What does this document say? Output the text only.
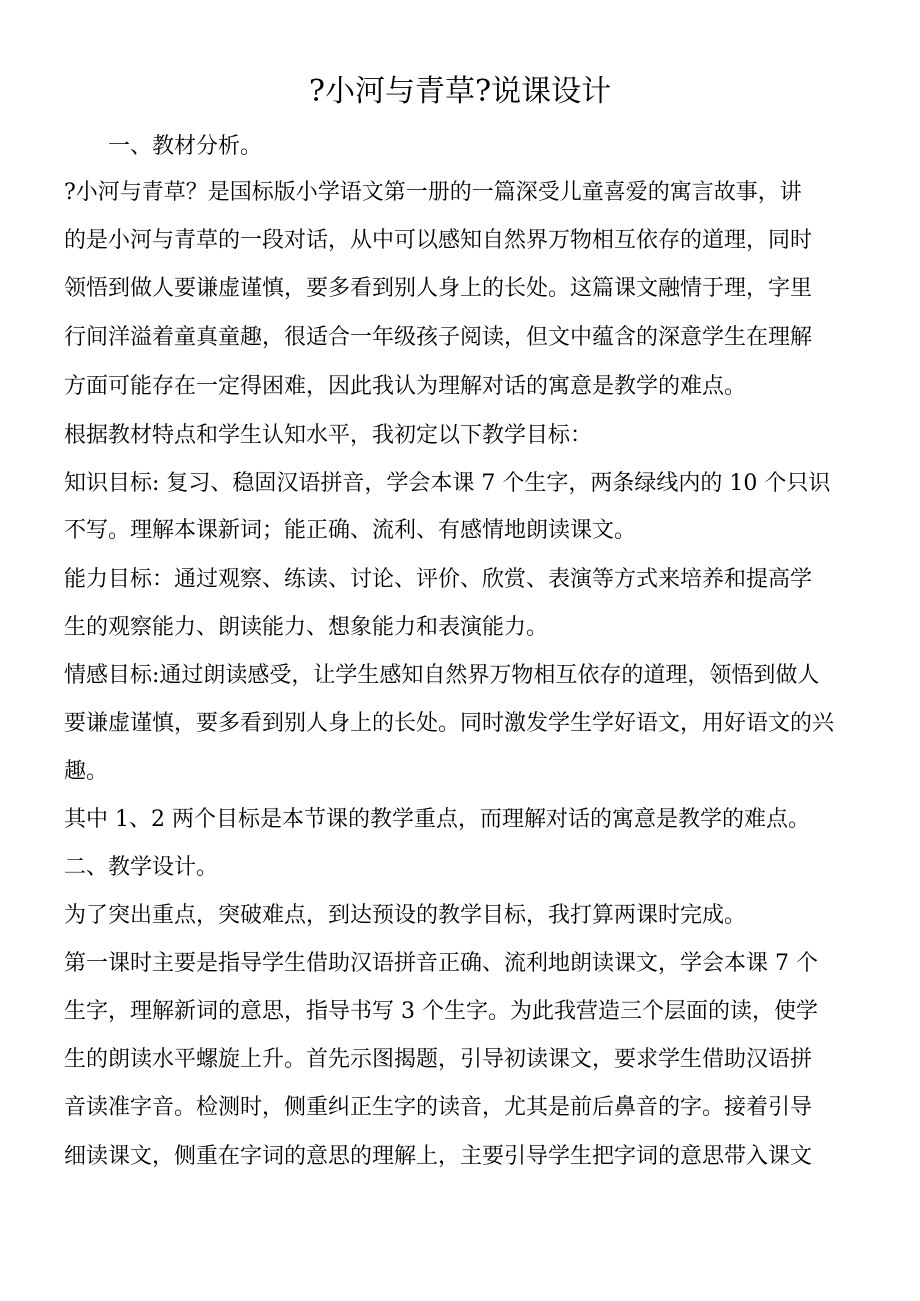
?小河与青草?说课设计
　　一、教材分析。
?小河与青草？是国标版小学语文第一册的一篇深受儿童喜爱的寓言故事，讲
的是小河与青草的一段对话，从中可以感知自然界万物相互依存的道理，同时
领悟到做人要谦虚谨慎，要多看到别人身上的长处。这篇课文融情于理，字里
行间洋溢着童真童趣，很适合一年级孩子阅读，但文中蕴含的深意学生在理解
方面可能存在一定得困难，因此我认为理解对话的寓意是教学的难点。
根据教材特点和学生认知水平，我初定以下教学目标：
知识目标: 复习、稳固汉语拼音，学会本课 7 个生字，两条绿线内的 10 个只识
不写。理解本课新词；能正确、流利、有感情地朗读课文。
能力目标：通过观察、练读、讨论、评价、欣赏、表演等方式来培养和提高学
生的观察能力、朗读能力、想象能力和表演能力。
情感目标:通过朗读感受，让学生感知自然界万物相互依存的道理，领悟到做人
要谦虚谨慎，要多看到别人身上的长处。同时激发学生学好语文，用好语文的兴
趣。
其中 1、2 两个目标是本节课的教学重点，而理解对话的寓意是教学的难点。
二、教学设计。
为了突出重点，突破难点，到达预设的教学目标，我打算两课时完成。
第一课时主要是指导学生借助汉语拼音正确、流利地朗读课文，学会本课 7 个
生字，理解新词的意思，指导书写 3 个生字。为此我营造三个层面的读，使学
生的朗读水平螺旋上升。首先示图揭题，引导初读课文，要求学生借助汉语拼
音读准字音。检测时，侧重纠正生字的读音，尤其是前后鼻音的字。接着引导
细读课文，侧重在字词的意思的理解上，主要引导学生把字词的意思带入课文
